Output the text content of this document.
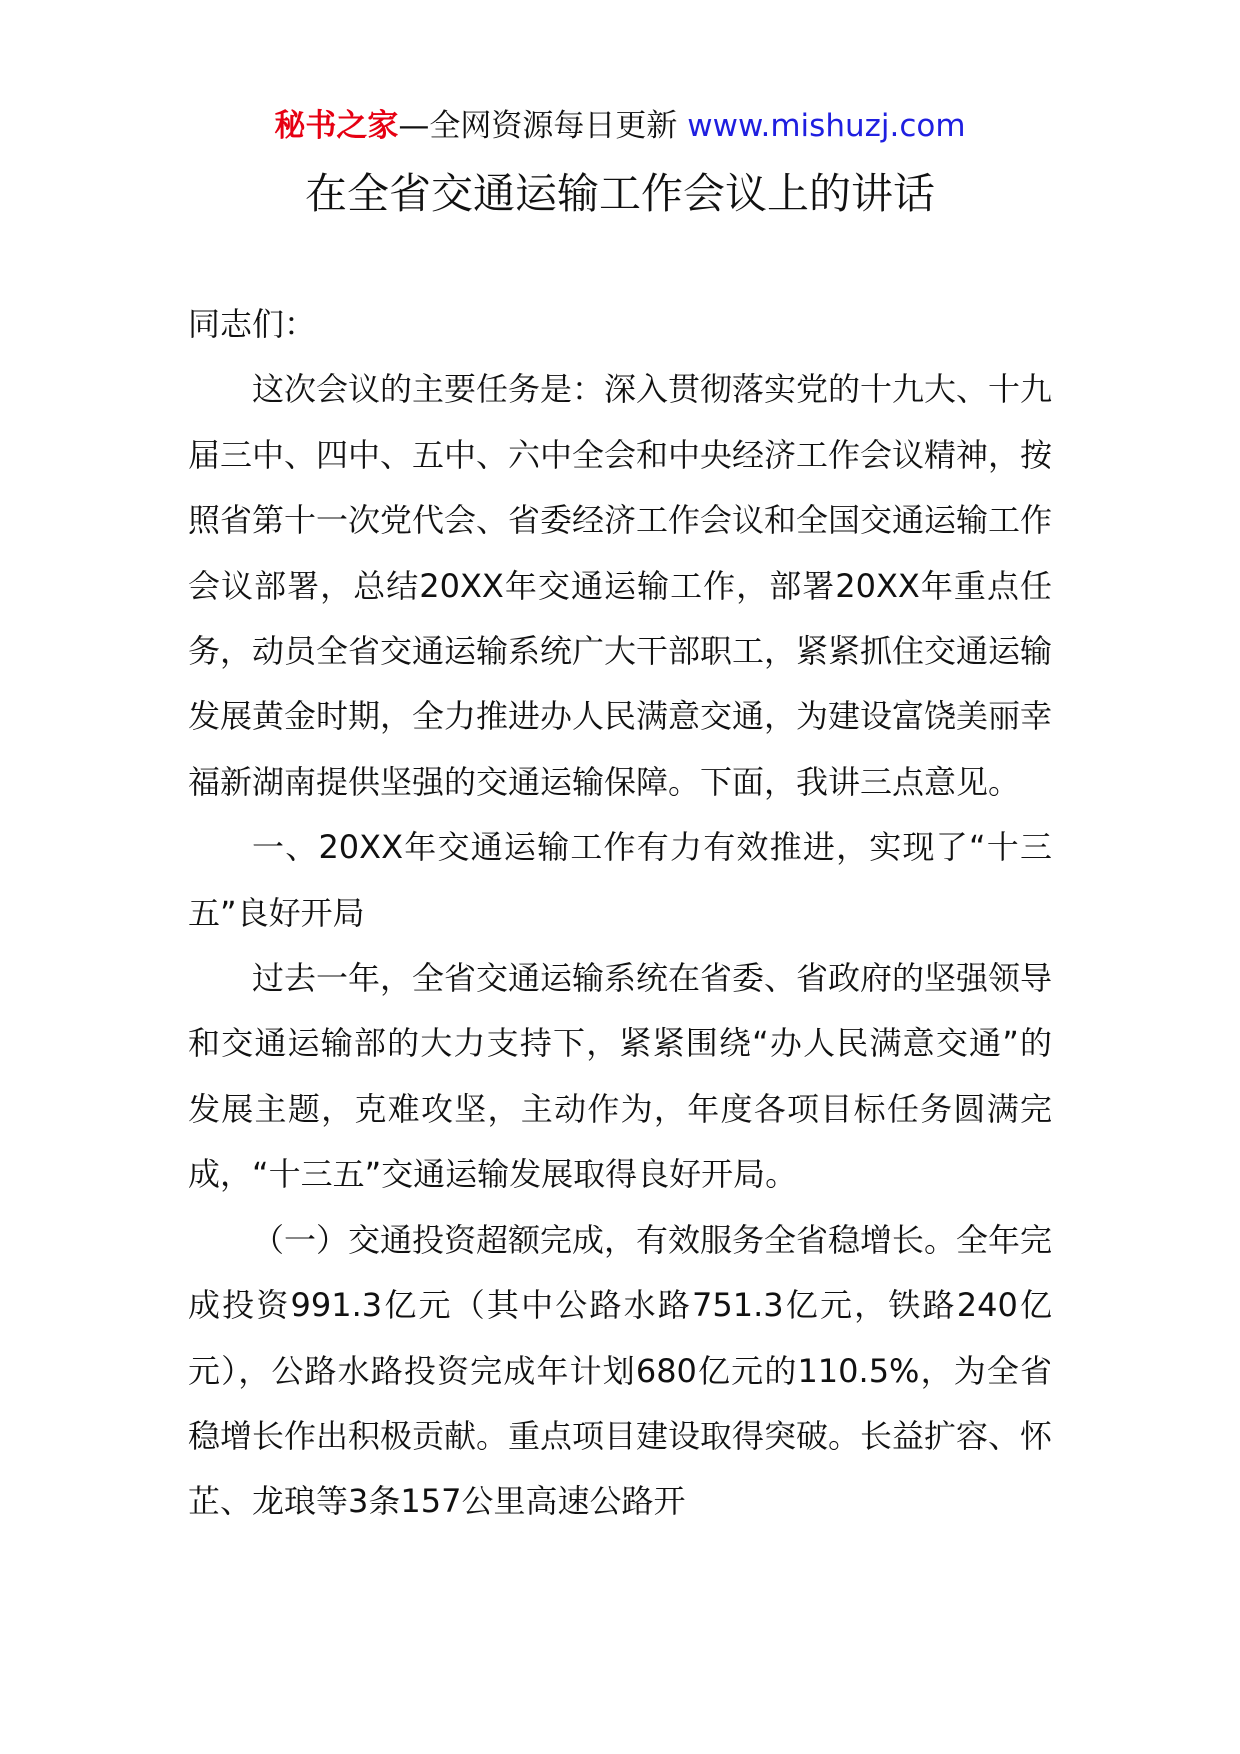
秘书之家—全网资源每日更新 www.mishuzj.com
在全省交通运输工作会议上的讲话

同志们：

这次会议的主要任务是：深入贯彻落实党的十九大、十九届三中、四中、五中、六中全会和中央经济工作会议精神，按照省第十一次党代会、省委经济工作会议和全国交通运输工作会议部署，总结20XX年交通运输工作，部署20XX年重点任务，动员全省交通运输系统广大干部职工，紧紧抓住交通运输发展黄金时期，全力推进办人民满意交通，为建设富饶美丽幸福新湖南提供坚强的交通运输保障。下面，我讲三点意见。

一、20XX年交通运输工作有力有效推进，实现了“十三五”良好开局

过去一年，全省交通运输系统在省委、省政府的坚强领导和交通运输部的大力支持下，紧紧围绕“办人民满意交通”的发展主题，克难攻坚，主动作为，年度各项目标任务圆满完成，“十三五”交通运输发展取得良好开局。

（一）交通投资超额完成，有效服务全省稳增长。全年完成投资991.3亿元（其中公路水路751.3亿元，铁路240亿元），公路水路投资完成年计划680亿元的110.5%，为全省稳增长作出积极贡献。重点项目建设取得突破。长益扩容、怀芷、龙琅等3条157公里高速公路开
